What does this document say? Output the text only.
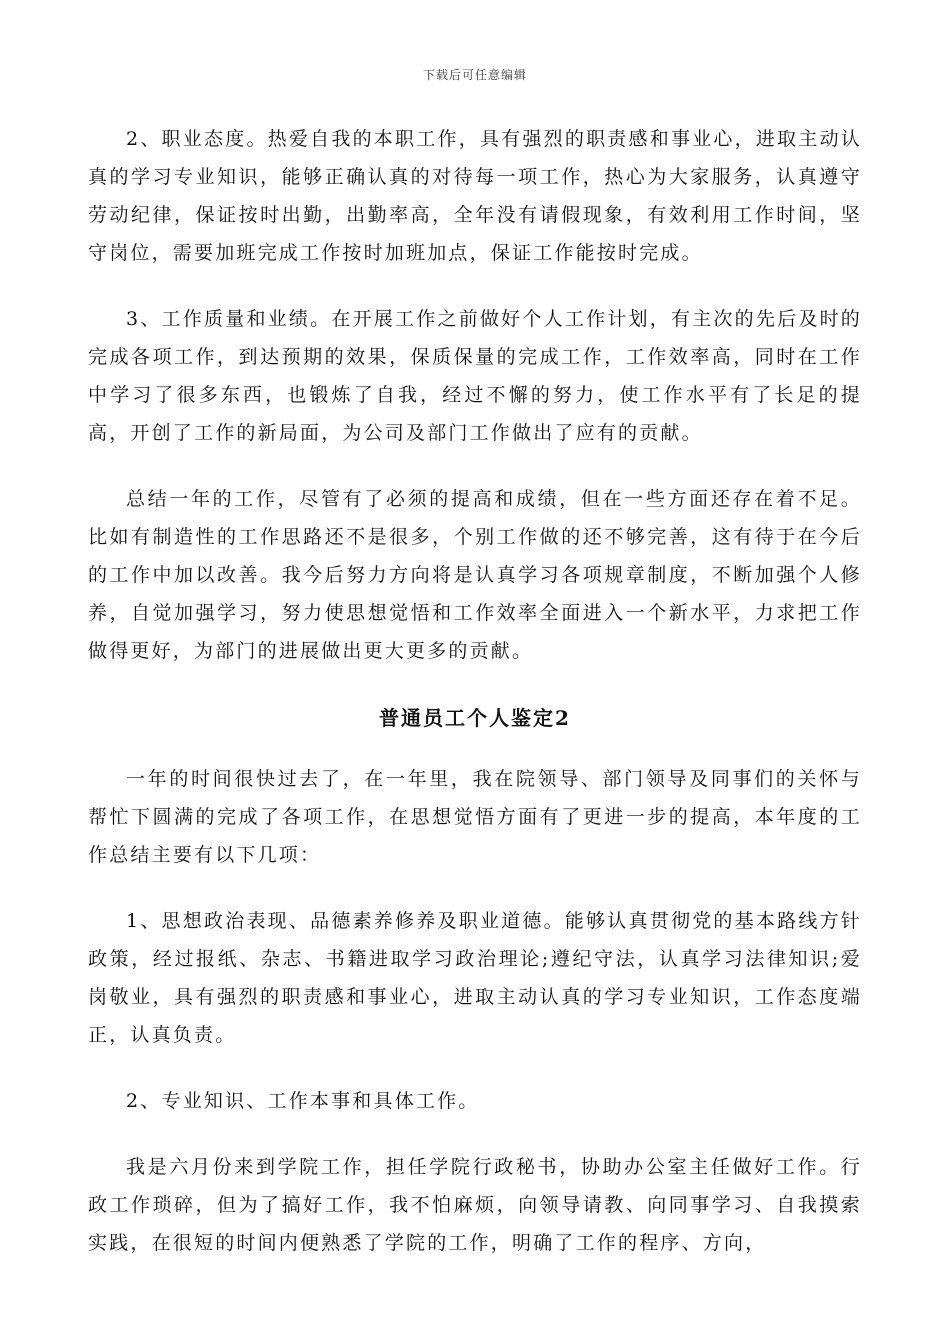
下载后可任意编辑

2、职业态度。热爱自我的本职工作，具有强烈的职责感和事业心，进取主动认真的学习专业知识，能够正确认真的对待每一项工作，热心为大家服务，认真遵守劳动纪律，保证按时出勤，出勤率高，全年没有请假现象，有效利用工作时间，坚守岗位，需要加班完成工作按时加班加点，保证工作能按时完成。

3、工作质量和业绩。在开展工作之前做好个人工作计划，有主次的先后及时的完成各项工作，到达预期的效果，保质保量的完成工作，工作效率高，同时在工作中学习了很多东西，也锻炼了自我，经过不懈的努力，使工作水平有了长足的提高，开创了工作的新局面，为公司及部门工作做出了应有的贡献。

总结一年的工作，尽管有了必须的提高和成绩，但在一些方面还存在着不足。比如有制造性的工作思路还不是很多，个别工作做的还不够完善，这有待于在今后的工作中加以改善。我今后努力方向将是认真学习各项规章制度，不断加强个人修养，自觉加强学习，努力使思想觉悟和工作效率全面进入一个新水平，力求把工作做得更好，为部门的进展做出更大更多的贡献。

普通员工个人鉴定2

一年的时间很快过去了，在一年里，我在院领导、部门领导及同事们的关怀与帮忙下圆满的完成了各项工作，在思想觉悟方面有了更进一步的提高，本年度的工作总结主要有以下几项：

1、思想政治表现、品德素养修养及职业道德。能够认真贯彻党的基本路线方针政策，经过报纸、杂志、书籍进取学习政治理论;遵纪守法，认真学习法律知识;爱岗敬业，具有强烈的职责感和事业心，进取主动认真的学习专业知识，工作态度端正，认真负责。

2、专业知识、工作本事和具体工作。

我是六月份来到学院工作，担任学院行政秘书，协助办公室主任做好工作。行政工作琐碎，但为了搞好工作，我不怕麻烦，向领导请教、向同事学习、自我摸索实践，在很短的时间内便熟悉了学院的工作，明确了工作的程序、方向，
